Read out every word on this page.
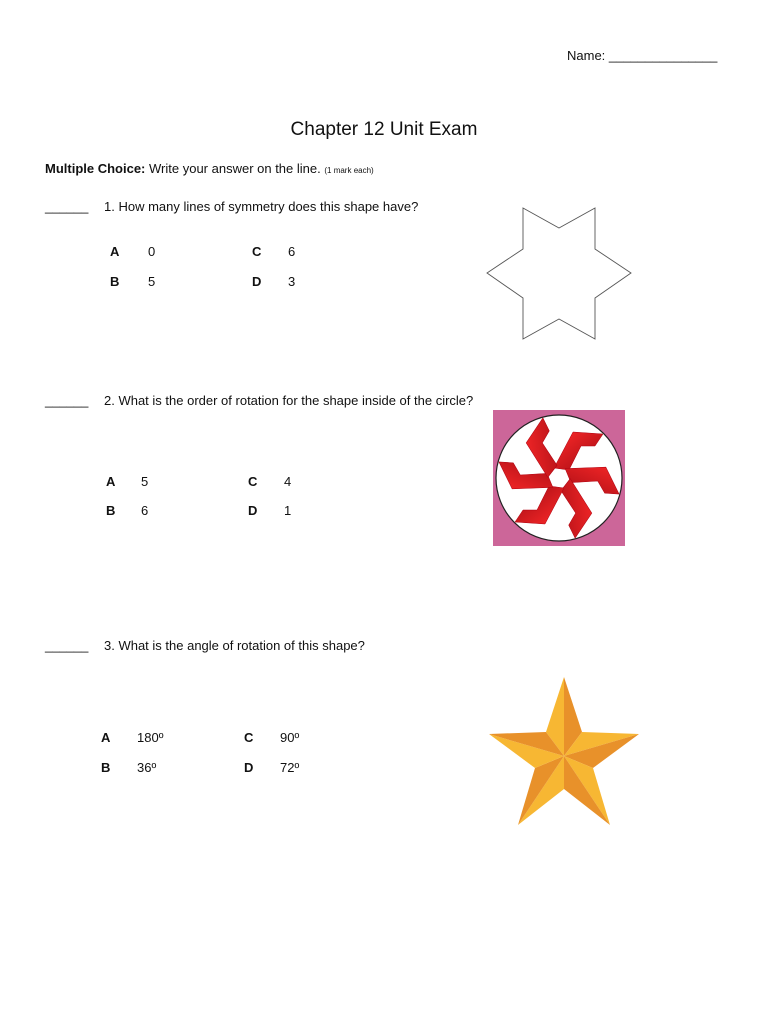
Name: _______________
Chapter 12 Unit Exam
Multiple Choice: Write your answer on the line. (1 mark each)
______ 1. How many lines of symmetry does this shape have?
A 0
B 5
C 6
D 3
______ 2. What is the order of rotation for the shape inside of the circle?
A 5
B 6
C 4
D 1
______ 3. What is the angle of rotation of this shape?
A 180º
B 36º
C 90º
D 72º
